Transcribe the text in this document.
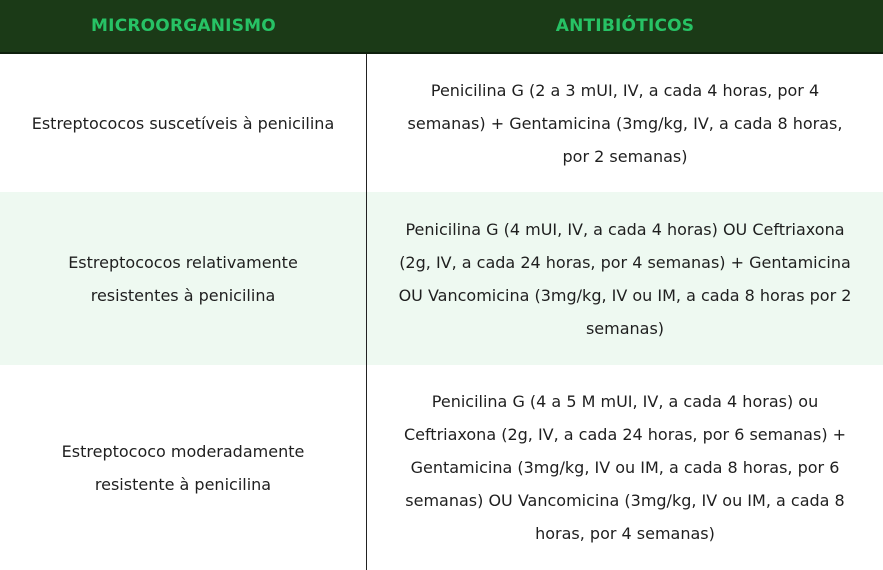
MICROORGANISMO	ANTIBIÓTICOS
Estreptococos suscetíveis à penicilina
Penicilina G (2 a 3 mUI, IV, a cada 4 horas, por 4 semanas) + Gentamicina (3mg/kg, IV, a cada 8 horas, por 2 semanas)
Estreptococos relativamente resistentes à penicilina
Penicilina G (4 mUI, IV, a cada 4 horas) OU Ceftriaxona (2g, IV, a cada 24 horas, por 4 semanas) + Gentamicina OU Vancomicina (3mg/kg, IV ou IM, a cada 8 horas por 2 semanas)
Estreptococo moderadamente resistente à penicilina
Penicilina G (4 a 5 M mUI, IV, a cada 4 horas) ou Ceftriaxona (2g, IV, a cada 24 horas, por 6 semanas) + Gentamicina (3mg/kg, IV ou IM, a cada 8 horas, por 6 semanas) OU Vancomicina (3mg/kg, IV ou IM, a cada 8 horas, por 4 semanas)
